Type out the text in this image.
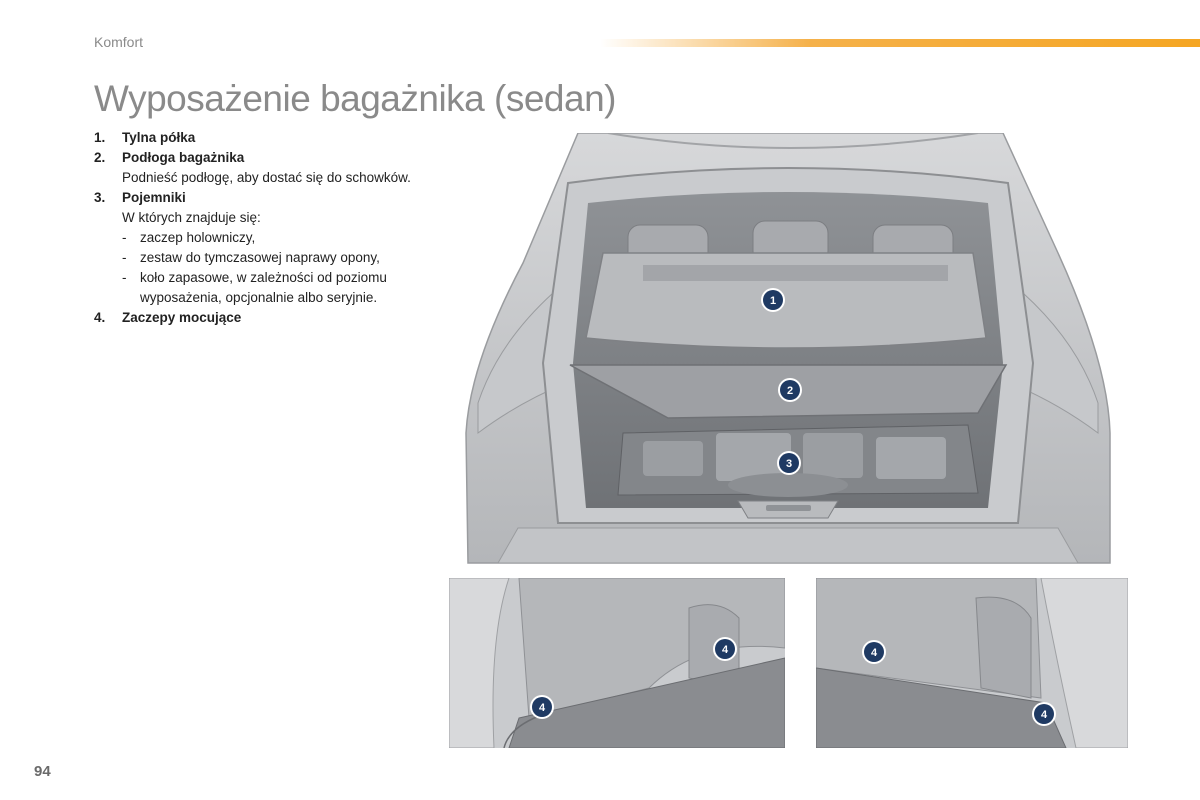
Komfort
Wyposażenie bagażnika (sedan)
1.	Tylna półka
2.	Podłoga bagażnika
Podnieść podłogę, aby dostać się do schowków.
3.	Pojemniki
W których znajduje się:
-	zaczep holowniczy,
-	zestaw do tymczasowej naprawy opony,
-	koło zapasowe, w zależności od poziomu wyposażenia, opcjonalnie albo seryjnie.
4.	Zaczepy mocujące
1
2
3
4
4
4
4
94
